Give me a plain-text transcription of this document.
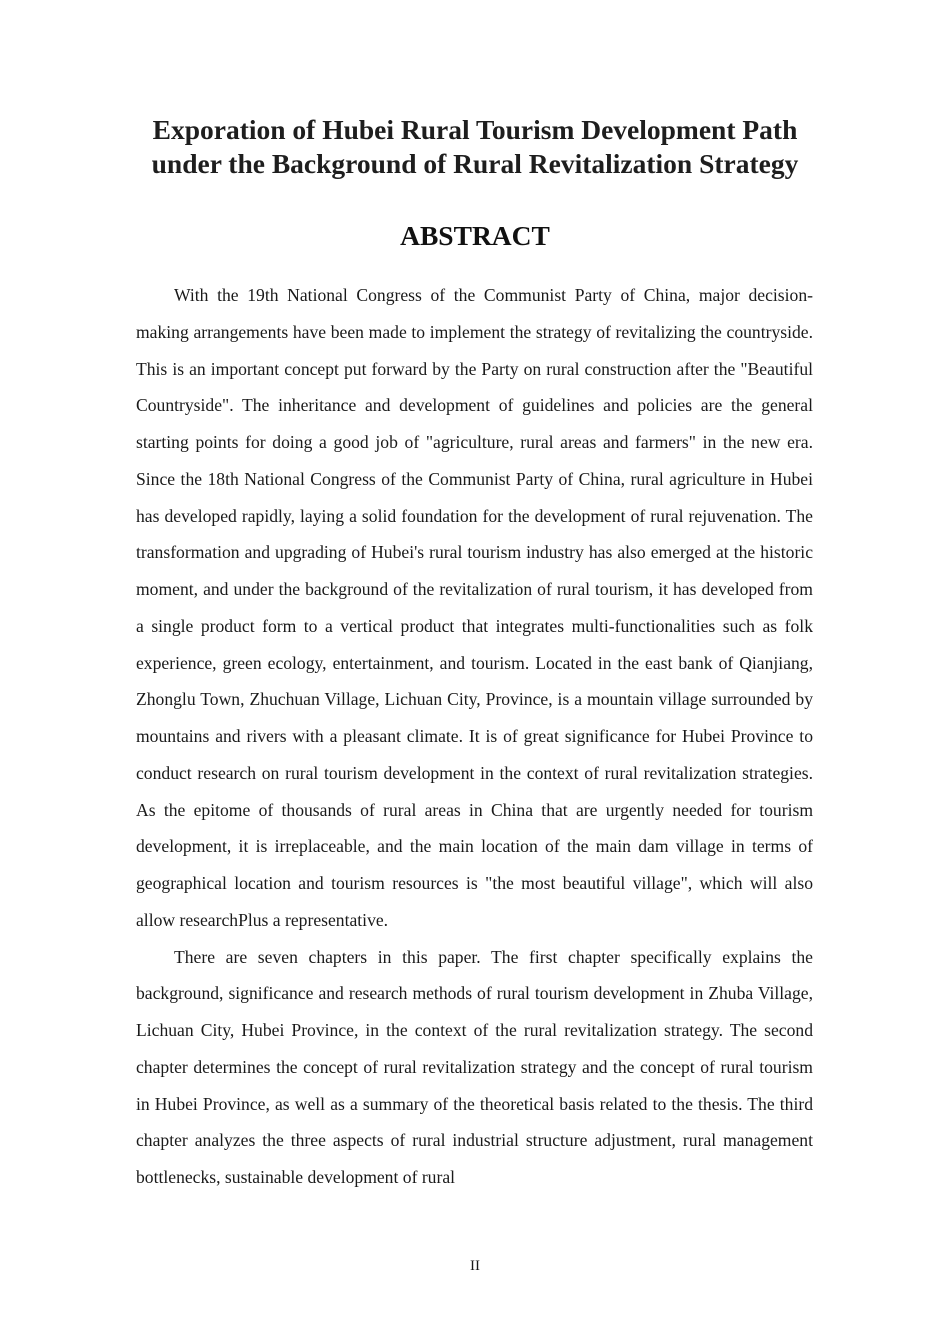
Exporation of Hubei Rural Tourism Development Path
under the Background of Rural Revitalization Strategy
ABSTRACT

With the 19th National Congress of the Communist Party of China, major decision-making arrangements have been made to implement the strategy of revitalizing the countryside. This is an important concept put forward by the Party on rural construction after the "Beautiful Countryside". The inheritance and development of guidelines and policies are the general starting points for doing a good job of "agriculture, rural areas and farmers" in the new era. Since the 18th National Congress of the Communist Party of China, rural agriculture in Hubei has developed rapidly, laying a solid foundation for the development of rural rejuvenation. The transformation and upgrading of Hubei's rural tourism industry has also emerged at the historic moment, and under the background of the revitalization of rural tourism, it has developed from a single product form to a vertical product that integrates multi-functionalities such as folk experience, green ecology, entertainment, and tourism. Located in the east bank of Qianjiang, Zhonglu Town, Zhuchuan Village, Lichuan City, Province, is a mountain village surrounded by mountains and rivers with a pleasant climate. It is of great significance for Hubei Province to conduct research on rural tourism development in the context of rural revitalization strategies. As the epitome of thousands of rural areas in China that are urgently needed for tourism development, it is irreplaceable, and the main location of the main dam village in terms of geographical location and tourism resources is "the most beautiful village", which will also allow researchPlus a representative.

There are seven chapters in this paper. The first chapter specifically explains the background, significance and research methods of rural tourism development in Zhuba Village, Lichuan City, Hubei Province, in the context of the rural revitalization strategy. The second chapter determines the concept of rural revitalization strategy and the concept of rural tourism in Hubei Province, as well as a summary of the theoretical basis related to the thesis. The third chapter analyzes the three aspects of rural industrial structure adjustment, rural management bottlenecks, sustainable development of rural

II
